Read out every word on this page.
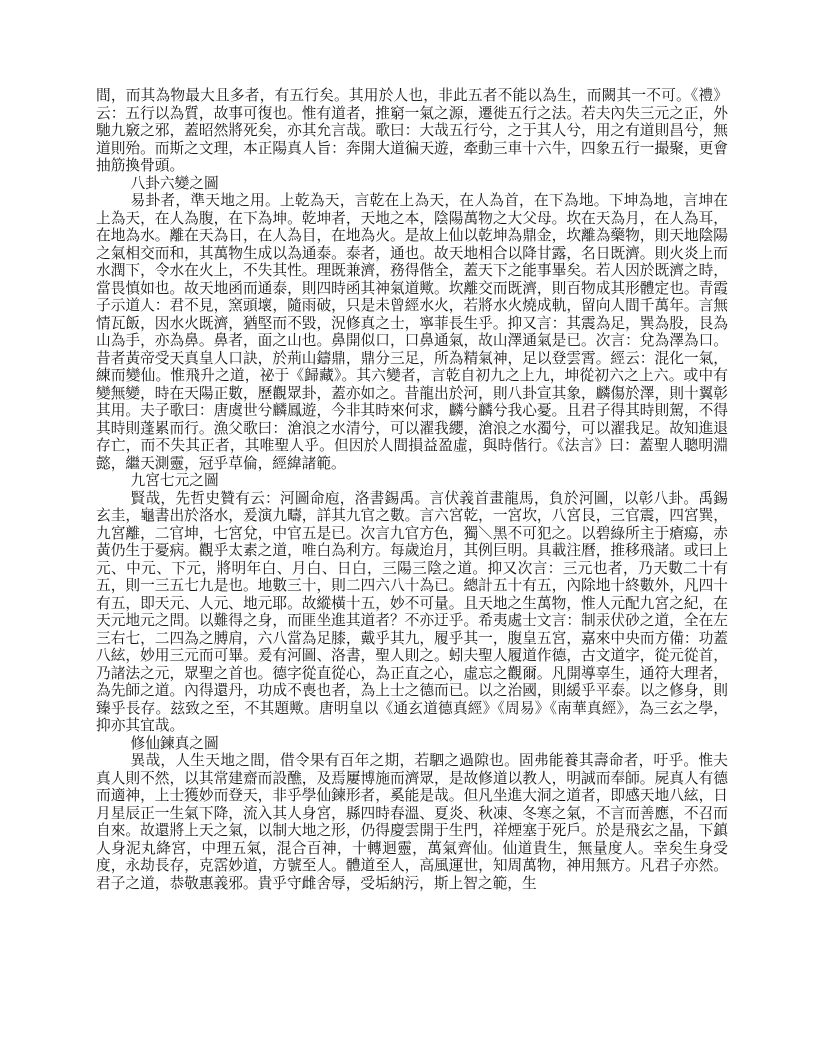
間，而其為物最大且多者，有五行矣。其用於人也，非此五者不能以為生，而闕其一不可。《禮》云：五行以為質，故事可復也。惟有道者，推窮一氣之源，遷徙五行之法。若夫內失三元之正，外馳九竅之邪，蓋昭然將死矣，亦其允言哉。歌曰：大哉五行兮，之于其人兮，用之有道則昌兮，無道則殆。而斯之文理，本正陽真人旨：奔開大道徧天遊，牽動三車十六牛，四象五行一撮聚，更會抽筋換骨頭。

八卦六變之圖

易卦者，準天地之用。上乾為天，言乾在上為天，在人為首，在下為地。下坤為地，言坤在上為天，在人為腹，在下為坤。乾坤者，天地之本，陰陽萬物之大父母。坎在天為月，在人為耳，在地為水。離在天為日，在人為目，在地為火。是故上仙以乾坤為鼎金，坎離為藥物，則天地陰陽之氣相交而和，其萬物生成以為通泰。泰者，通也。故天地相合以降甘露，名日既濟。則火炎上而水潤下，令水在火上，不失其性。理既兼濟，務得偕全，蓋天下之能事畢矣。若人因於既濟之時，當畏慎如也。故天地函而通泰，則四時函其神氣道歟。坎離交而既濟，則百物成其形體定也。青霞子示道人：君不見，窯頭壞，隨雨破，只是未曾經水火，若將水火燒成軌，留向人間千萬年。言無情瓦飯，因水火既濟，猶堅而不毀，況修真之士，寧菲長生乎。抑又言：其震為足，巽為股，艮為山為手，亦為鼻。鼻者，面之山也。鼻開似口，口鼻通氣，故山澤通氣是已。次言：兌為澤為口。昔者黃帝受天真皇人口訣，於荊山鑄鼎，鼎分三足，所為精氣神，足以登雲霄。經云：混化一氣，練而變仙。惟飛升之道，祕于《歸藏》。其六變者，言乾自初九之上九，坤從初六之上六。或中有變無變，時在天陽正數，歷觀眾卦，蓋亦如之。昔龍出於河，則八卦宣其象，麟傷於澤，則十翼彰其用。夫子歌曰：唐虞世兮麟鳳遊，今非其時來何求，麟兮麟兮我心憂。且君子得其時則駕，不得其時則蓬累而行。漁父歌曰：滄浪之水清兮，可以濯我纓，滄浪之水濁兮，可以濯我足。故知進退存亡，而不失其正者，其唯聖人乎。但因於人間損益盈虛，與時偕行。《法言》曰：蓋聖人聰明淵懿，繼天測靈，冠乎草倫，經緯諸範。

九宮七元之圖

賢哉，先哲史贊有云：河圖命庖，洛書錫禹。言伏義首畫龍馬，負於河圖，以彰八卦。禹錫玄圭，龜書出於洛水，爰演九疇，詳其九官之數。言六宮乾，一宮坎，八宮艮，三官震，四宮巽，九宮離，二官坤，七宮兌，中官五是已。次言九官方色，獨＼黑不可犯之。以碧綠所主于瘡瘍，赤黃仍生于憂病。觀乎太素之道，唯白為利方。每歲迨月，其例巨明。具載注曆，推移飛諸。或曰上元、中元、下元，將明年白、月白、日白，三陽三陰之道。抑又次言：三元也者，乃天數二十有五，則一三五七九是也。地數三十，則二四六八十為已。總計五十有五，內除地十終數外，凡四十有五，即天元、人元、地元耶。故縱橫十五，妙不可量。且天地之生萬物，惟人元配九宮之紀，在天元地元之問。以難得之身，而匪坐進其道者？不亦迂乎。希夷處士文言：制汞伏砂之道，全在左三右七，二四為之膊肩，六八當為足膝，戴乎其九，履乎其一，腹皇五宮，嘉來中央而方備：功蓋八絃，妙用三元而可畢。爰有河圖、洛書，聖人則之。蚓夫聖人履道作德，古文道字，從元從首，乃諸法之元，眾聖之首也。德字從直從心，為正直之心，虛忘之觀爾。凡開導辜生，通符大理者，為先師之道。內得還丹，功成不喪也者，為上士之德而已。以之治國，則緩乎平泰。以之修身，則臻乎長存。玆致之至，不其題歟。唐明皇以《通玄道德真經》《周易》《南華真經》，為三玄之學，抑亦其宜哉。

修仙鍊真之圖

異哉，人生天地之間，借令果有百年之期，若駟之過隙也。固弗能養其壽命者，吁乎。惟夫真人則不然，以其常建齋而設醮，及焉屢博施而濟眾，是故修道以教人，明誠而奉師。屍真人有德而適神，上士獲妙而登天，非乎學仙鍊形者，奚能是哉。但凡坐進大洞之道者，即感天地八絃，日月星辰正一生氣下降，流入其人身宮，縣四時春溫、夏炎、秋凍、冬寒之氣，不言而善應，不召而自來。故還將上天之氣，以制大地之形，仍得慶雲開于生門，祥煙塞于死戶。於是飛玄之晶，下鎮人身泥丸絳宮，中理五氣，混合百神，十轉迴靈，萬氣齊仙。仙道貴生，無量度人。幸矣生身受度，永劫長存，克霑妙道，方號至人。體道至人，高風運世，知周萬物，神用無方。凡君子亦然。君子之道，恭敬惠義邪。貴乎守雌舍辱，受垢納污，斯上智之範，生
